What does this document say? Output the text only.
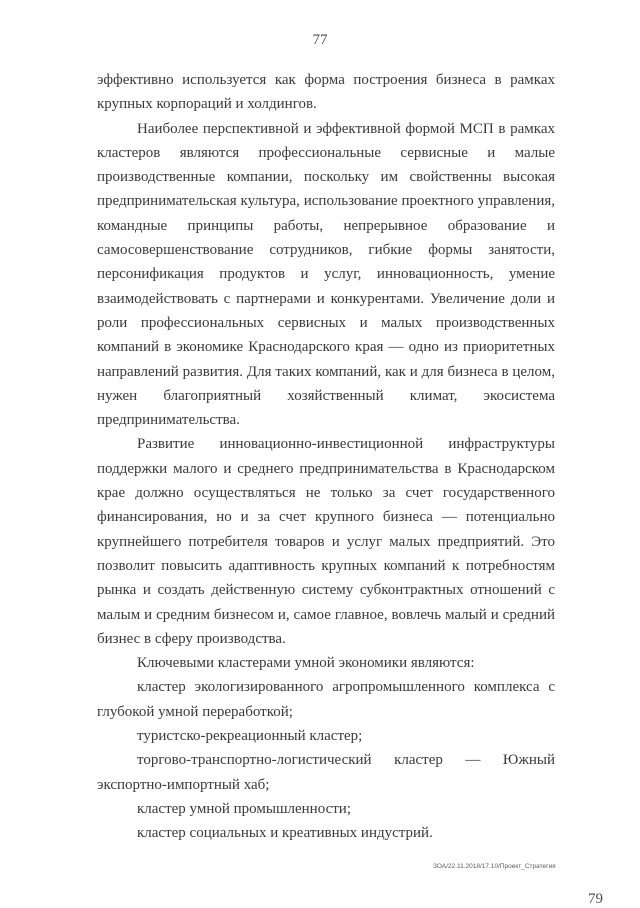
77

эффективно используется как форма построения бизнеса в рамках крупных корпораций и холдингов.

Наиболее перспективной и эффективной формой МСП в рамках кластеров являются профессиональные сервисные и малые производственные компании, поскольку им свойственны высокая предпринимательская культура, использование проектного управления, командные принципы работы, непрерывное образование и самосовершенствование сотрудников, гибкие формы занятости, персонификация продуктов и услуг, инновационность, умение взаимодействовать с партнерами и конкурентами. Увеличение доли и роли профессиональных сервисных и малых производственных компаний в экономике Краснодарского края — одно из приоритетных направлений развития. Для таких компаний, как и для бизнеса в целом, нужен благоприятный хозяйственный климат, экосистема предпринимательства.

Развитие инновационно-инвестиционной инфраструктуры поддержки малого и среднего предпринимательства в Краснодарском крае должно осуществляться не только за счет государственного финансирования, но и за счет крупного бизнеса — потенциально крупнейшего потребителя товаров и услуг малых предприятий. Это позволит повысить адаптивность крупных компаний к потребностям рынка и создать действенную систему субконтрактных отношений с малым и средним бизнесом и, самое главное, вовлечь малый и средний бизнес в сферу производства.

Ключевыми кластерами умной экономики являются:

кластер экологизированного агропромышленного комплекса с глубокой умной переработкой;

туристско-рекреационный кластер;

торгово-транспортно-логистический кластер — Южный экспортно-импортный хаб;

кластер умной промышленности;

кластер социальных и креативных индустрий.

ЗОА/22.11.2018/17.10/Проект_Стратегия
79
